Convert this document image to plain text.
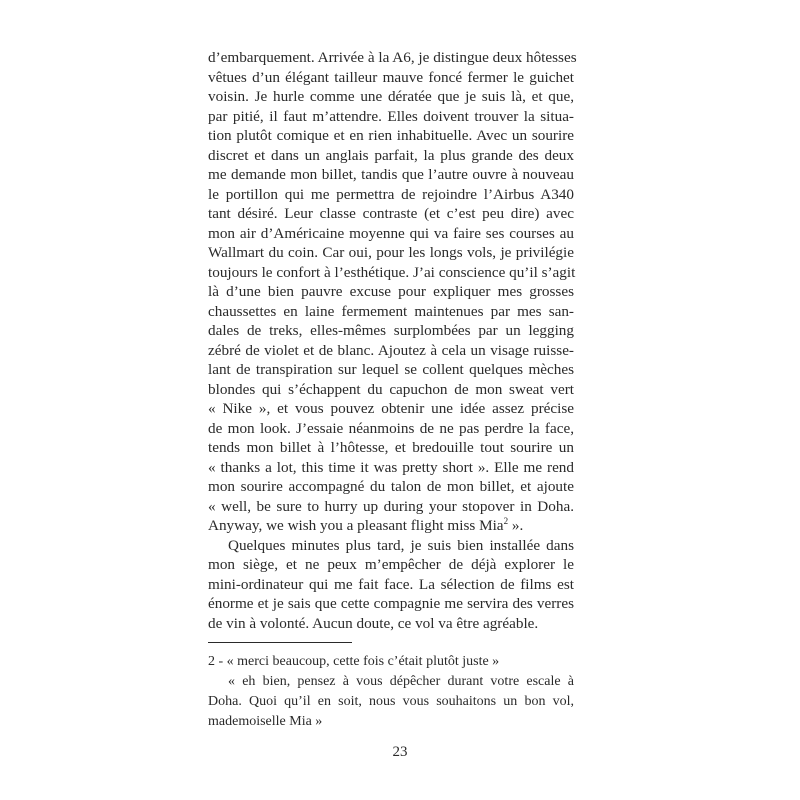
d’embarquement. Arrivée à la A6, je distingue deux hôtesses
vêtues d’un élégant tailleur mauve foncé fermer le guichet
voisin. Je hurle comme une dératée que je suis là, et que,
par pitié, il faut m’attendre. Elles doivent trouver la situa-
tion plutôt comique et en rien inhabituelle. Avec un sourire
discret et dans un anglais parfait, la plus grande des deux
me demande mon billet, tandis que l’autre ouvre à nouveau
le portillon qui me permettra de rejoindre l’Airbus A340
tant désiré. Leur classe contraste (et c’est peu dire) avec
mon air d’Américaine moyenne qui va faire ses courses au
Wallmart du coin. Car oui, pour les longs vols, je privilégie
toujours le confort à l’esthétique. J’ai conscience qu’il s’agit
là d’une bien pauvre excuse pour expliquer mes grosses
chaussettes en laine fermement maintenues par mes san-
dales de treks, elles-mêmes surplombées par un legging
zébré de violet et de blanc. Ajoutez à cela un visage ruisse-
lant de transpiration sur lequel se collent quelques mèches
blondes qui s’échappent du capuchon de mon sweat vert
« Nike », et vous pouvez obtenir une idée assez précise
de mon look. J’essaie néanmoins de ne pas perdre la face,
tends mon billet à l’hôtesse, et bredouille tout sourire un
« thanks a lot, this time it was pretty short ». Elle me rend
mon sourire accompagné du talon de mon billet, et ajoute
« well, be sure to hurry up during your stopover in Doha.
Anyway, we wish you a pleasant flight miss Mia$^2$ ».
Quelques minutes plus tard, je suis bien installée dans
mon siège, et ne peux m’empêcher de déjà explorer le
mini-ordinateur qui me fait face. La sélection de films est
énorme et je sais que cette compagnie me servira des verres
de vin à volonté. Aucun doute, ce vol va être agréable.
2 - « merci beaucoup, cette fois c’était plutôt juste »
« eh bien, pensez à vous dépêcher durant votre escale à
Doha. Quoi qu’il en soit, nous vous souhaitons un bon vol,
mademoiselle Mia »
23
